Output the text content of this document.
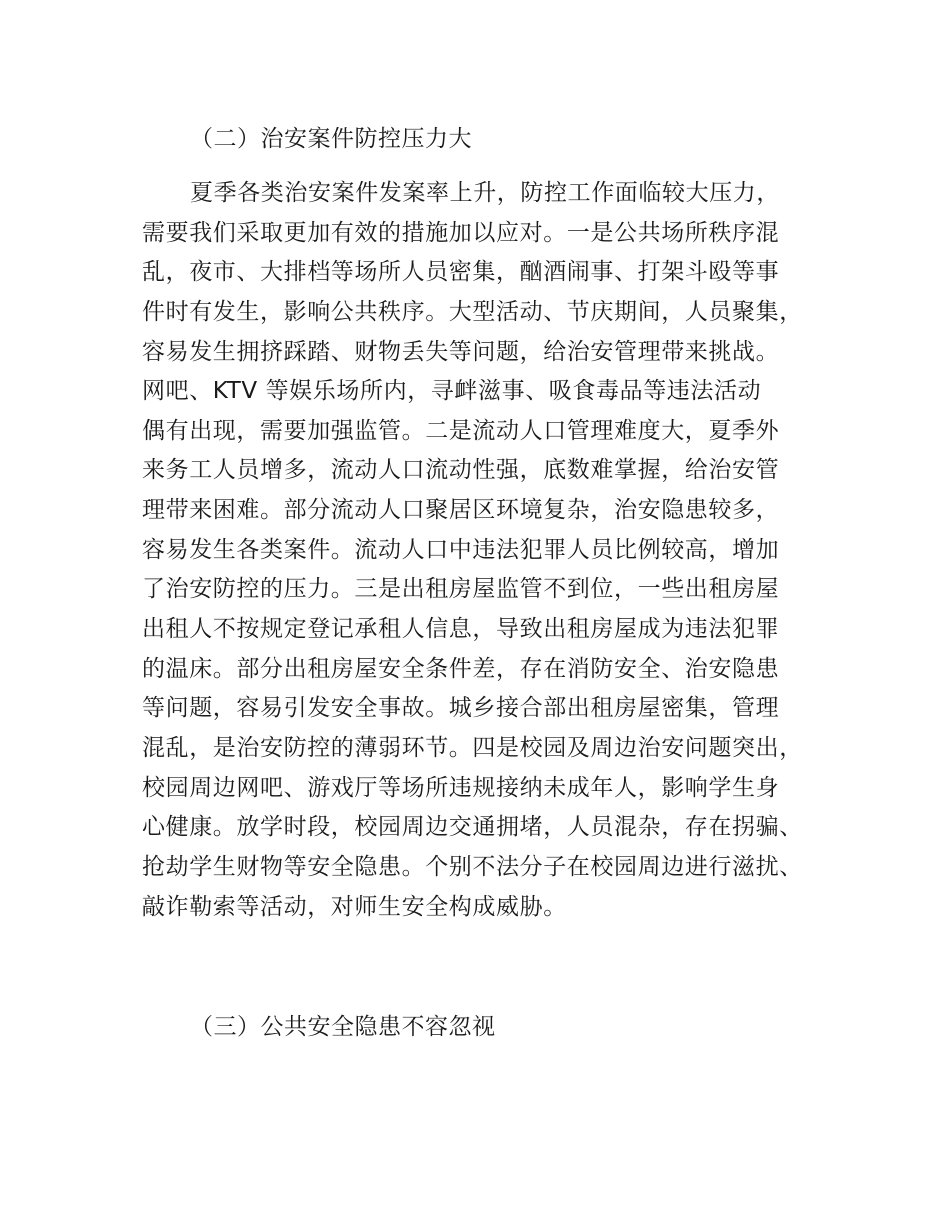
（二）治安案件防控压力大
夏季各类治安案件发案率上升，防控工作面临较大压力，
需要我们采取更加有效的措施加以应对。一是公共场所秩序混
乱，夜市、大排档等场所人员密集，酗酒闹事、打架斗殴等事
件时有发生，影响公共秩序。大型活动、节庆期间，人员聚集，
容易发生拥挤踩踏、财物丢失等问题，给治安管理带来挑战。
网吧、KTV 等娱乐场所内，寻衅滋事、吸食毒品等违法活动
偶有出现，需要加强监管。二是流动人口管理难度大，夏季外
来务工人员增多，流动人口流动性强，底数难掌握，给治安管
理带来困难。部分流动人口聚居区环境复杂，治安隐患较多，
容易发生各类案件。流动人口中违法犯罪人员比例较高，增加
了治安防控的压力。三是出租房屋监管不到位，一些出租房屋
出租人不按规定登记承租人信息，导致出租房屋成为违法犯罪
的温床。部分出租房屋安全条件差，存在消防安全、治安隐患
等问题，容易引发安全事故。城乡接合部出租房屋密集，管理
混乱，是治安防控的薄弱环节。四是校园及周边治安问题突出，
校园周边网吧、游戏厅等场所违规接纳未成年人，影响学生身
心健康。放学时段，校园周边交通拥堵，人员混杂，存在拐骗、
抢劫学生财物等安全隐患。个别不法分子在校园周边进行滋扰、
敲诈勒索等活动，对师生安全构成威胁。
（三）公共安全隐患不容忽视
